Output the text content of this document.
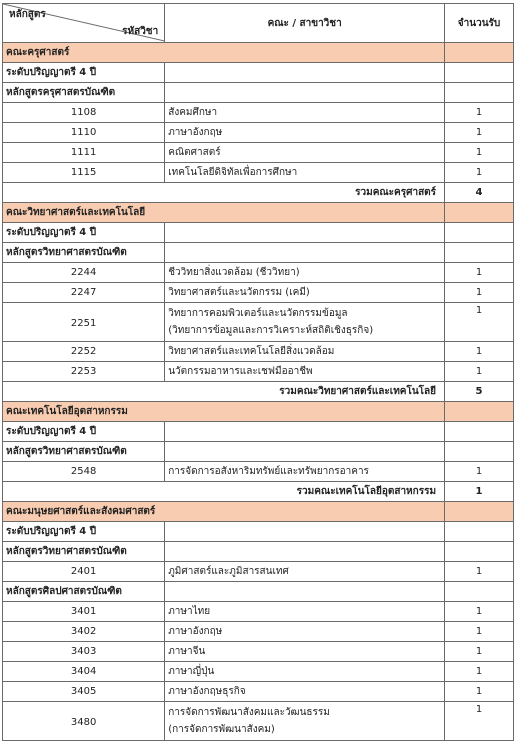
หลักสูตร
รหัสวิชา	คณะ / สาขาวิชา	จำนวนรับ
คณะครุศาสตร์		
ระดับปริญญาตรี 4 ปี		
หลักสูตรครุศาสตรบัณฑิต		
1108	สังคมศึกษา	1
1110	ภาษาอังกฤษ	1
1111	คณิตศาสตร์	1
1115	เทคโนโลยีดิจิทัลเพื่อการศึกษา	1
รวมคณะครุศาสตร์		4
คณะวิทยาศาสตร์และเทคโนโลยี		
ระดับปริญญาตรี 4 ปี		
หลักสูตรวิทยาศาสตรบัณฑิต		
2244	ชีววิทยาสิ่งแวดล้อม (ชีววิทยา)	1
2247	วิทยาศาสตร์และนวัตกรรม (เคมี)	1
2251	วิทยาการคอมพิวเตอร์และนวัตกรรมข้อมูล
(วิทยาการข้อมูลและการวิเคราะห์สถิติเชิงธุรกิจ)	1
2252	วิทยาศาสตร์และเทคโนโลยีสิ่งแวดล้อม	1
2253	นวัตกรรมอาหารและเชฟมืออาชีพ	1
รวมคณะวิทยาศาสตร์และเทคโนโลยี		5
คณะเทคโนโลยีอุตสาหกรรม		
ระดับปริญญาตรี 4 ปี		
หลักสูตรวิทยาศาสตรบัณฑิต		
2548	การจัดการอสังหาริมทรัพย์และทรัพยากรอาคาร	1
รวมคณะเทคโนโลยีอุตสาหกรรม		1
คณะมนุษยศาสตร์และสังคมศาสตร์		
ระดับปริญญาตรี 4 ปี		
หลักสูตรวิทยาศาสตรบัณฑิต		
2401	ภูมิศาสตร์และภูมิสารสนเทศ	1
หลักสูตรศิลปศาสตรบัณฑิต		
3401	ภาษาไทย	1
3402	ภาษาอังกฤษ	1
3403	ภาษาจีน	1
3404	ภาษาญี่ปุ่น	1
3405	ภาษาอังกฤษธุรกิจ	1
3480	การจัดการพัฒนาสังคมและวัฒนธรรม
(การจัดการพัฒนาสังคม)	1
